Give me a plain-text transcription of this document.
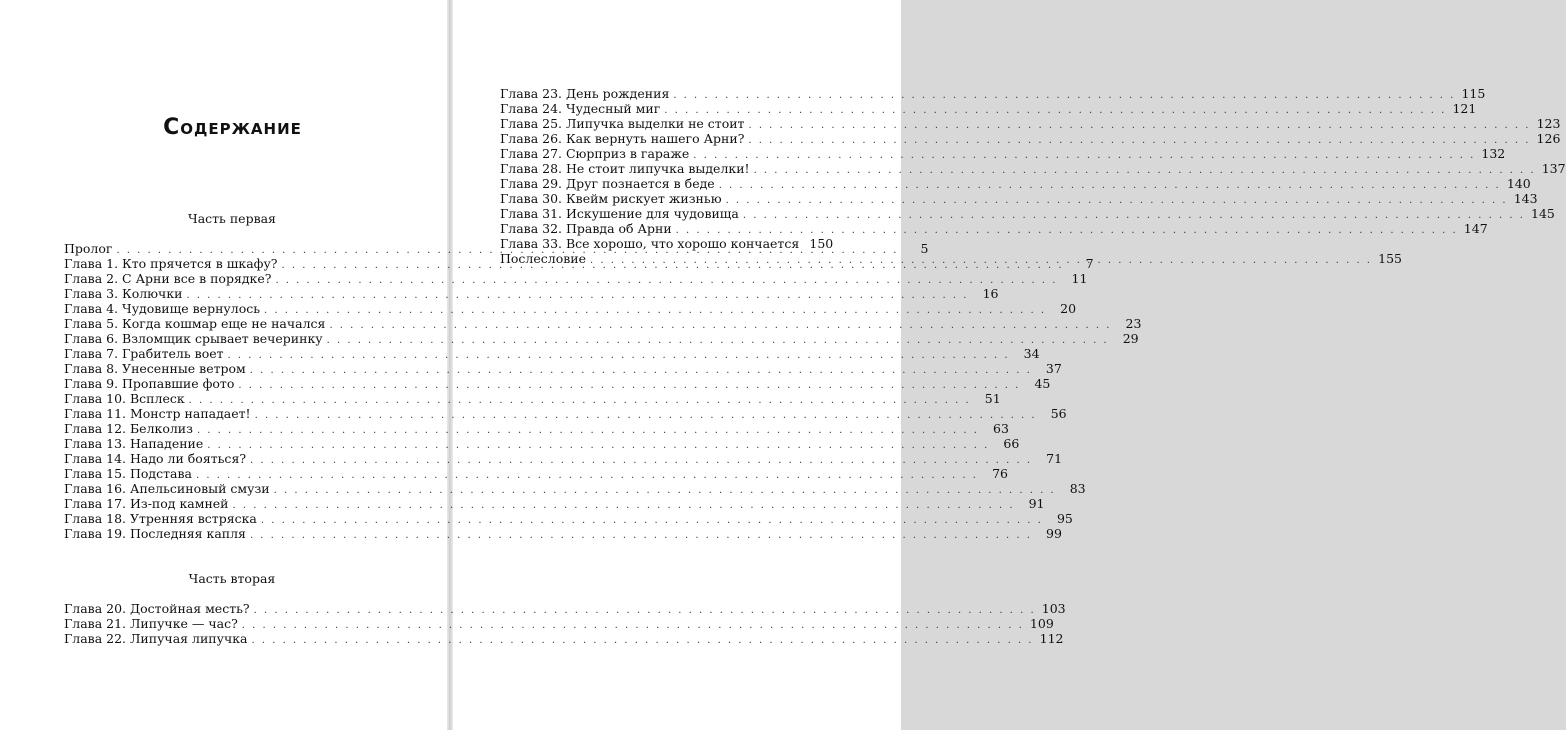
Содержание
Часть первая
Пролог . . .	5
Глава 1. Кто прячется в шкафу? . . .	7
Глава 2. С Арни все в порядке? . . .	11
Глава 3. Колючки . . .	16
Глава 4. Чудовище вернулось . . .	20
Глава 5. Когда кошмар еще не начался . . .	23
Глава 6. Взломщик срывает вечеринку . . .	29
Глава 7. Грабитель воет . . .	34
Глава 8. Унесенные ветром . . .	37
Глава 9. Пропавшие фото . . .	45
Глава 10. Всплеск . . .	51
Глава 11. Монстр нападает! . . .	56
Глава 12. Белколиз . . .	63
Глава 13. Нападение . . .	66
Глава 14. Надо ли бояться? . . .	71
Глава 15. Подстава . . .	76
Глава 16. Апельсиновый смузи . . .	83
Глава 17. Из-под камней . . .	91
Глава 18. Утренняя встряска . . .	95
Глава 19. Последняя капля . . .	99
Часть вторая
Глава 20. Достойная месть? . . .	103
Глава 21. Липучке — час? . . .	109
Глава 22. Липучая липучка . . .	112
Глава 23. День рождения . . .	115
Глава 24. Чудесный миг . . .	121
Глава 25. Липучка выделки не стоит . . .	123
Глава 26. Как вернуть нашего Арни? . . .	126
Глава 27. Сюрприз в гараже . . .	132
Глава 28. Не стоит липучка выделки! . . .	137
Глава 29. Друг познается в беде . . .	140
Глава 30. Квейм рискует жизнью . . .	143
Глава 31. Искушение для чудовища . . .	145
Глава 32. Правда об Арни . . .	147
Глава 33. Все хорошо, что хорошо кончается 150
Послесловие . . .	155
